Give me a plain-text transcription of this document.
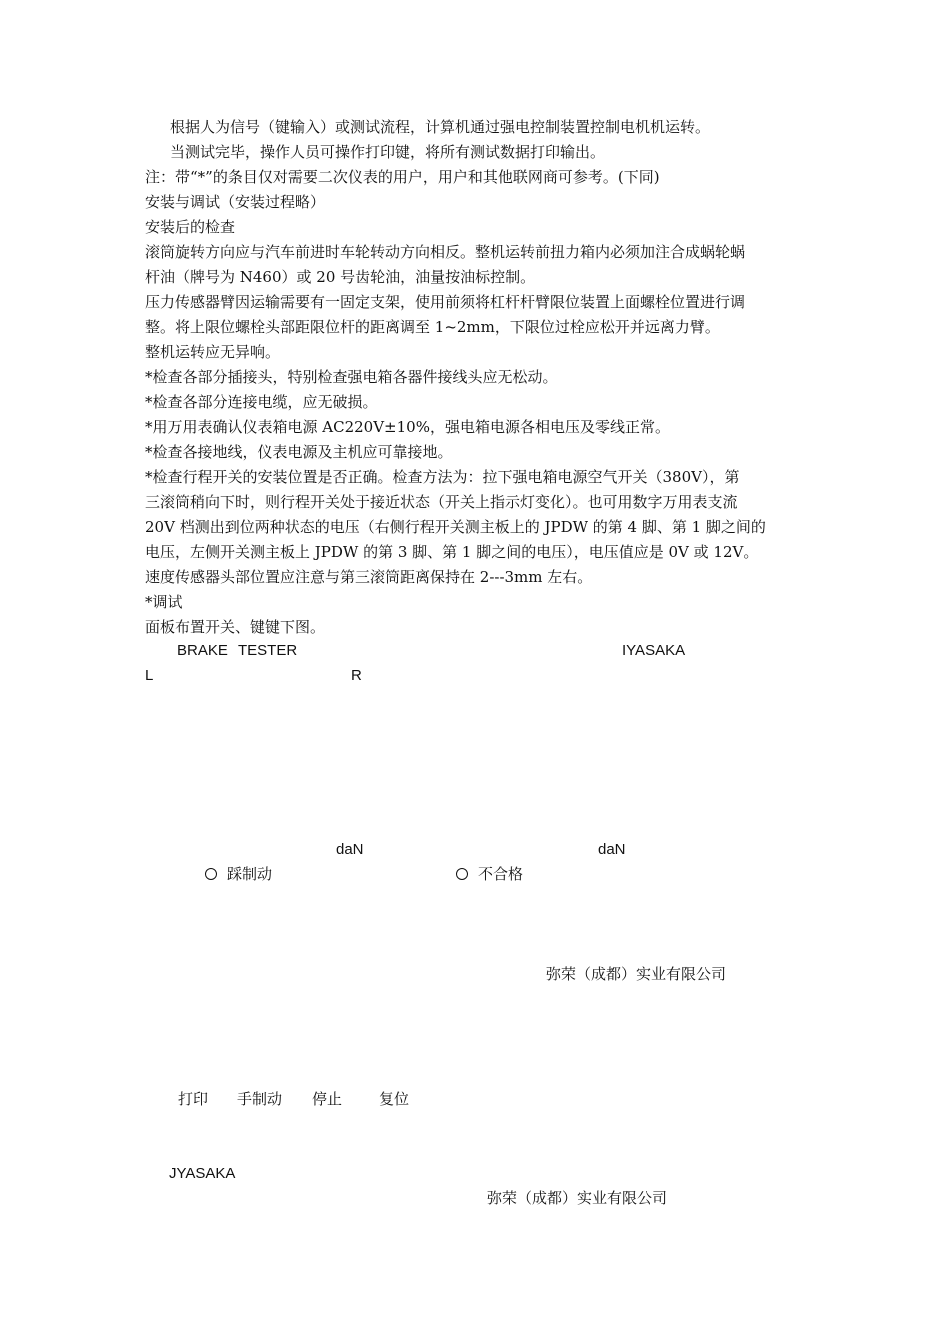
根据人为信号（键输入）或测试流程，计算机通过强电控制装置控制电机机运转。
当测试完毕，操作人员可操作打印键，将所有测试数据打印输出。
注：带“*”的条目仅对需要二次仪表的用户，用户和其他联网商可参考。(下同)
安装与调试（安装过程略）
安装后的检查
滚筒旋转方向应与汽车前进时车轮转动方向相反。整机运转前扭力箱内必须加注合成蜗轮蜗
杆油（牌号为 N460）或 20 号齿轮油，油量按油标控制。
压力传感器臂因运输需要有一固定支架，使用前须将杠杆杆臂限位装置上面螺栓位置进行调
整。将上限位螺栓头部距限位杆的距离调至 1~2mm，下限位过栓应松开并远离力臂。
整机运转应无异响。
*检查各部分插接头，特别检查强电箱各器件接线头应无松动。
*检查各部分连接电缆，应无破损。
*用万用表确认仪表箱电源 AC220V±10%，强电箱电源各相电压及零线正常。
*检查各接地线，仪表电源及主机应可靠接地。
*检查行程开关的安装位置是否正确。检查方法为：拉下强电箱电源空气开关（380V），第
三滚筒稍向下时，则行程开关处于接近状态（开关上指示灯变化）。也可用数字万用表支流
20V 档测出到位两种状态的电压（右侧行程开关测主板上的 JPDW 的第 4 脚、第 1 脚之间的
电压，左侧开关测主板上 JPDW 的第 3 脚、第 1 脚之间的电压），电压值应是 0V 或 12V。
速度传感器头部位置应注意与第三滚筒距离保持在 2---3mm 左右。
*调试
面板布置开关、键键下图。
BRAKE TESTER	IYASAKA
L	R
daN	daN
踩制动	不合格
弥荣（成都）实业有限公司
打印 手制动 停止 复位
JYASAKA
弥荣（成都）实业有限公司
